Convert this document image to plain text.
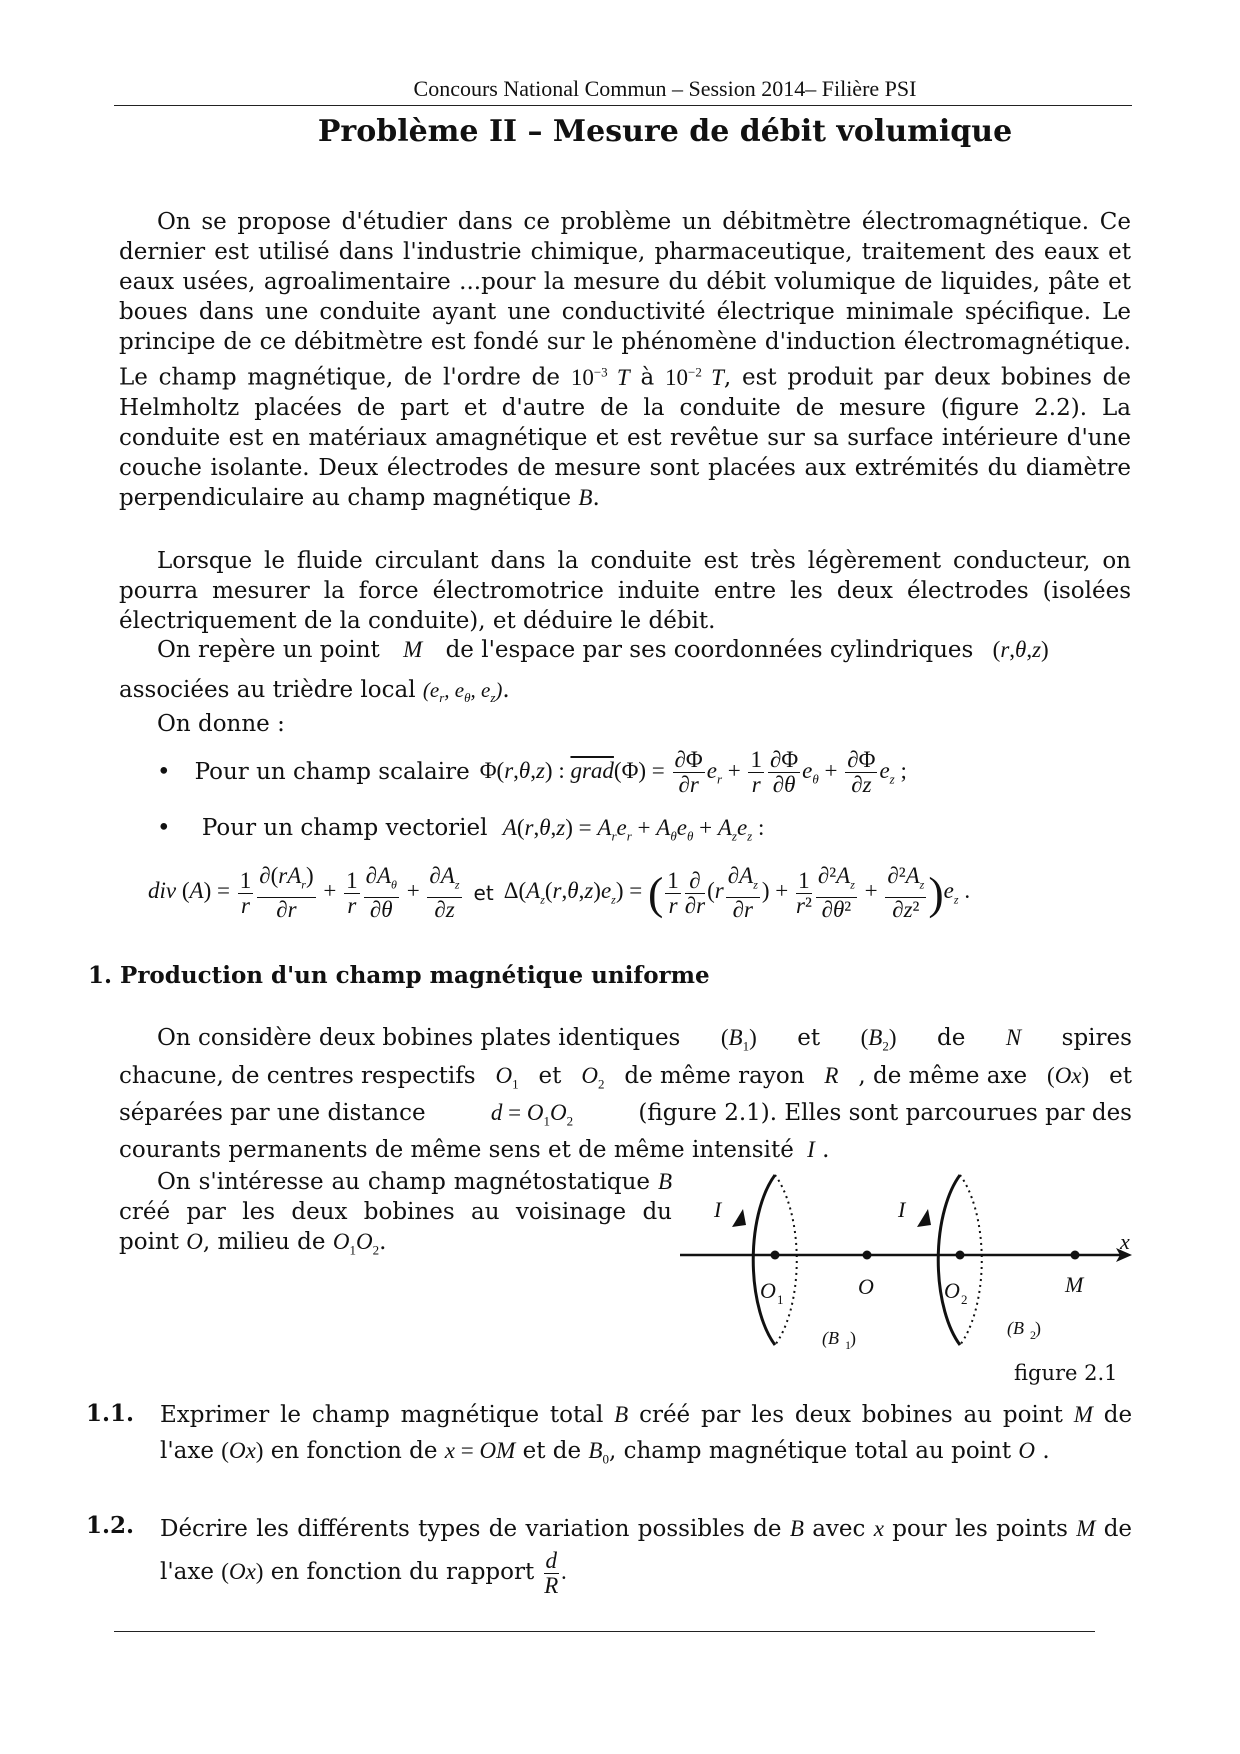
Concours National Commun – Session 2014– Filière PSI
Problème II – Mesure de débit volumique
On se propose d'étudier dans ce problème un débitmètre électromagnétique. Ce dernier est utilisé dans l'industrie chimique, pharmaceutique, traitement des eaux et eaux usées, agroalimentaire ...pour la mesure du débit volumique de liquides, pâte et boues dans une conduite ayant une conductivité électrique minimale spécifique. Le principe de ce débitmètre est fondé sur le phénomène d'induction électromagnétique. Le champ magnétique, de l'ordre de $10^{-3}$ T à $10^{-2}$ T, est produit par deux bobines de Helmholtz placées de part et d'autre de la conduite de mesure (figure 2.2). La conduite est en matériaux amagnétique et est revêtue sur sa surface intérieure d'une couche isolante. Deux électrodes de mesure sont placées aux extrémités du diamètre perpendiculaire au champ magnétique B.
Lorsque le fluide circulant dans la conduite est très légèrement conducteur, on pourra mesurer la force électromotrice induite entre les deux électrodes (isolées électriquement de la conduite), et déduire le débit.
On repère un point M de l'espace par ses coordonnées cylindriques (r,θ,z)
associées au trièdre local ($e_r$, $e_\theta$, $e_z$).
On donne :
• Pour un champ scalaire Φ(r,θ,z) : grad(Φ) = $\frac{\partial\Phi}{\partial r} e_r + \frac{1}{r} \frac{\partial\Phi}{\partial\theta} e_\theta + \frac{\partial\Phi}{\partial z} e_z$ ;
• Pour un champ vectoriel $A(r,\theta,z) = A_re_r + A_\theta e_\theta + A_ze_z$ :
div $(A) = \frac{1}{r} \frac{\partial(rA_r)}{\partial r} + \frac{1}{r} \frac{\partial A_\theta}{\partial\theta} + \frac{\partial A_z}{\partial z}$ et $\Delta(A_z(r,\theta,z)e_z)$ = ( $\frac{1}{r} \frac{\partial}{\partial r} (r \frac{\partial A_z}{\partial r}$ ) + $\frac{1}{\text{r²}} \frac{\partial^2A_z}{\text{∂θ²}} + \frac{\partial^2A_z}{\text{∂z²}} )e_z$ .
1. Production d'un champ magnétique uniforme
On considère deux bobines plates identiques $(B_1)$ et $(B_2)$ de N spires
chacune, de centres respectifs $O_1$ et $O_2$ de même rayon R , de même axe (Ox) et
séparées par une distance	$d = O_1O_2$	(figure 2.1). Elles sont parcourues par des
courants permanents de même sens et de même intensité I .
On s'intéresse au champ magnétostatique B créé par les deux bobines au voisinage du point O, milieu de $O_1O_2$.
I	I
x
O	O	O	M
1	2
(B	(B
1
2
)	)
figure 2.1
1.1. Exprimer le champ magnétique total B créé par les deux bobines au point M de l'axe (Ox) en fonction de x = OM et de $B_0$, champ magnétique total au point O .
1.2. Décrire les différents types de variation possibles de B avec x pour les points M de l'axe (Ox) en fonction du rapport $\frac{d}{R}$ .
